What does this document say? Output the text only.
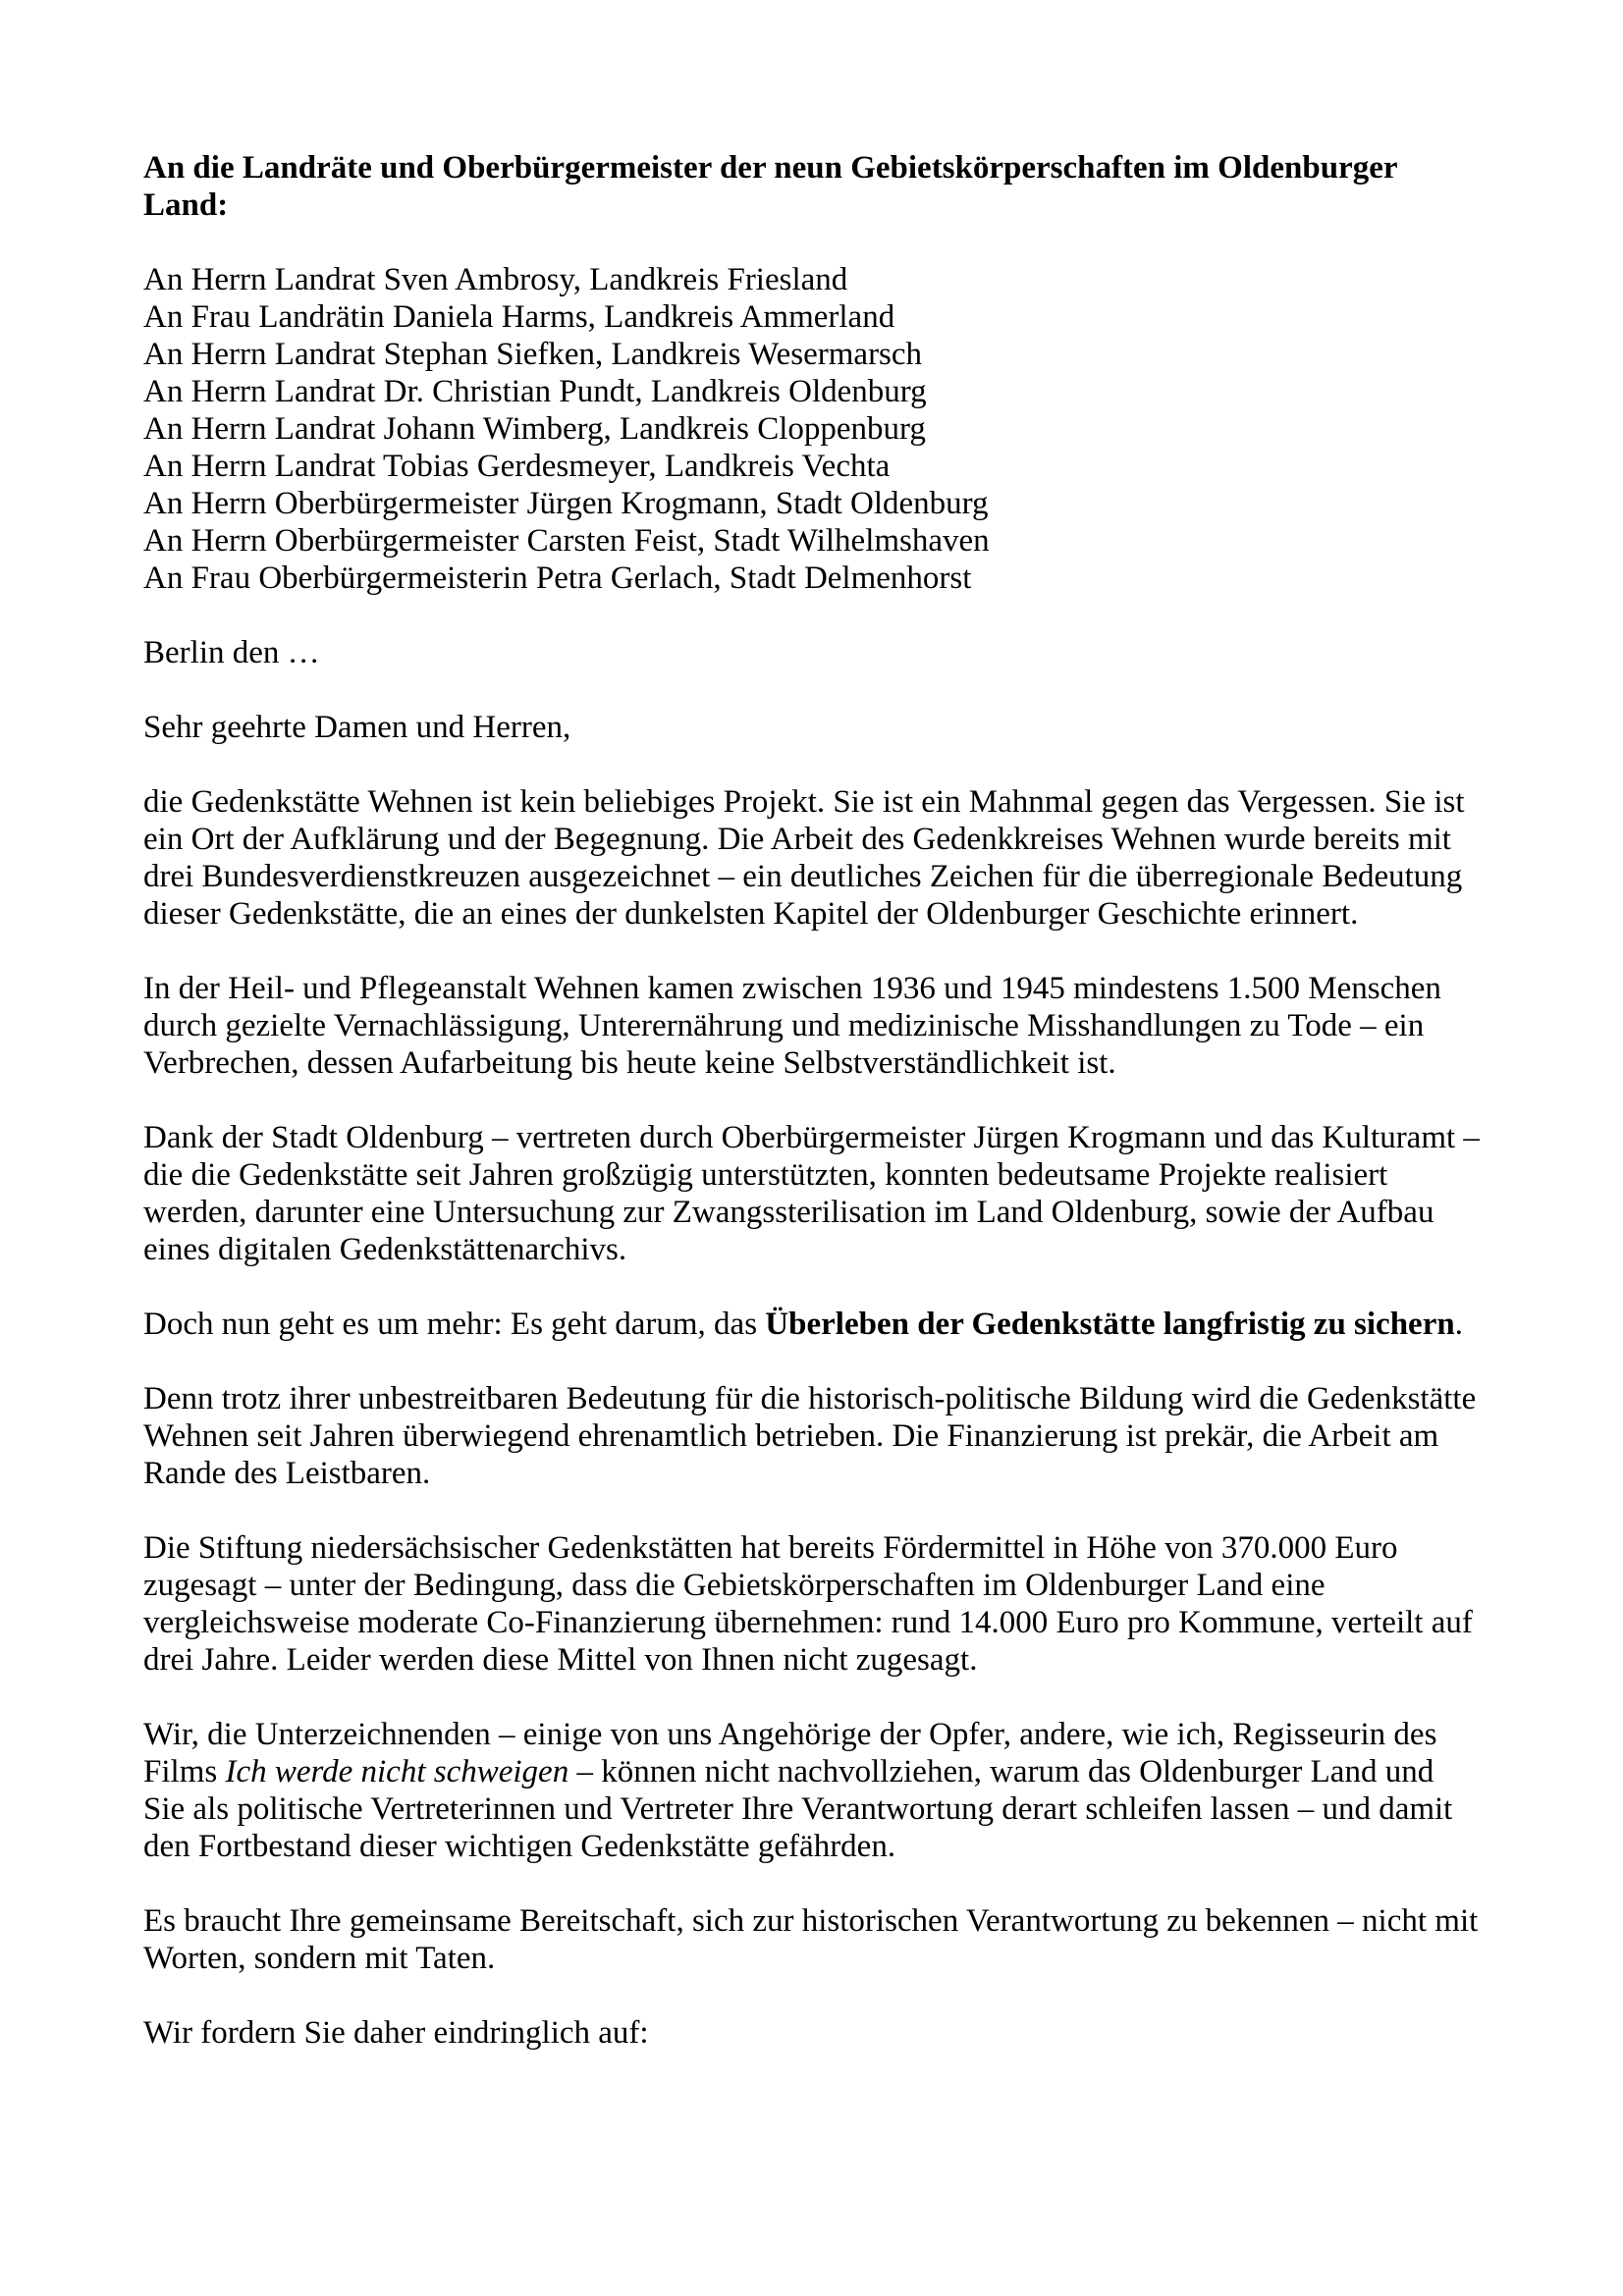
An die Landräte und Oberbürgermeister der neun Gebietskörperschaften im Oldenburger Land:

An Herrn Landrat Sven Ambrosy, Landkreis Friesland
An Frau Landrätin Daniela Harms, Landkreis Ammerland
An Herrn Landrat Stephan Siefken, Landkreis Wesermarsch
An Herrn Landrat Dr. Christian Pundt, Landkreis Oldenburg
An Herrn Landrat Johann Wimberg, Landkreis Cloppenburg
An Herrn Landrat Tobias Gerdesmeyer, Landkreis Vechta
An Herrn Oberbürgermeister Jürgen Krogmann, Stadt Oldenburg
An Herrn Oberbürgermeister Carsten Feist, Stadt Wilhelmshaven
An Frau Oberbürgermeisterin Petra Gerlach, Stadt Delmenhorst

Berlin den …

Sehr geehrte Damen und Herren,

die Gedenkstätte Wehnen ist kein beliebiges Projekt. Sie ist ein Mahnmal gegen das Vergessen. Sie ist ein Ort der Aufklärung und der Begegnung. Die Arbeit des Gedenkkreises Wehnen wurde bereits mit drei Bundesverdienstkreuzen ausgezeichnet – ein deutliches Zeichen für die überregionale Bedeutung dieser Gedenkstätte, die an eines der dunkelsten Kapitel der Oldenburger Geschichte erinnert.

In der Heil- und Pflegeanstalt Wehnen kamen zwischen 1936 und 1945 mindestens 1.500 Menschen durch gezielte Vernachlässigung, Unterernährung und medizinische Misshandlungen zu Tode – ein Verbrechen, dessen Aufarbeitung bis heute keine Selbstverständlichkeit ist.

Dank der Stadt Oldenburg – vertreten durch Oberbürgermeister Jürgen Krogmann und das Kulturamt – die die Gedenkstätte seit Jahren großzügig unterstützten, konnten bedeutsame Projekte realisiert werden, darunter eine Untersuchung zur Zwangssterilisation im Land Oldenburg, sowie der Aufbau eines digitalen Gedenkstättenarchivs.

Doch nun geht es um mehr: Es geht darum, das Überleben der Gedenkstätte langfristig zu sichern.

Denn trotz ihrer unbestreitbaren Bedeutung für die historisch-politische Bildung wird die Gedenkstätte Wehnen seit Jahren überwiegend ehrenamtlich betrieben. Die Finanzierung ist prekär, die Arbeit am Rande des Leistbaren.

Die Stiftung niedersächsischer Gedenkstätten hat bereits Fördermittel in Höhe von 370.000 Euro zugesagt – unter der Bedingung, dass die Gebietskörperschaften im Oldenburger Land eine vergleichsweise moderate Co-Finanzierung übernehmen: rund 14.000 Euro pro Kommune, verteilt auf drei Jahre. Leider werden diese Mittel von Ihnen nicht zugesagt.

Wir, die Unterzeichnenden – einige von uns Angehörige der Opfer, andere, wie ich, Regisseurin des Films Ich werde nicht schweigen – können nicht nachvollziehen, warum das Oldenburger Land und Sie als politische Vertreterinnen und Vertreter Ihre Verantwortung derart schleifen lassen – und damit den Fortbestand dieser wichtigen Gedenkstätte gefährden.

Es braucht Ihre gemeinsame Bereitschaft, sich zur historischen Verantwortung zu bekennen – nicht mit Worten, sondern mit Taten.

Wir fordern Sie daher eindringlich auf:
